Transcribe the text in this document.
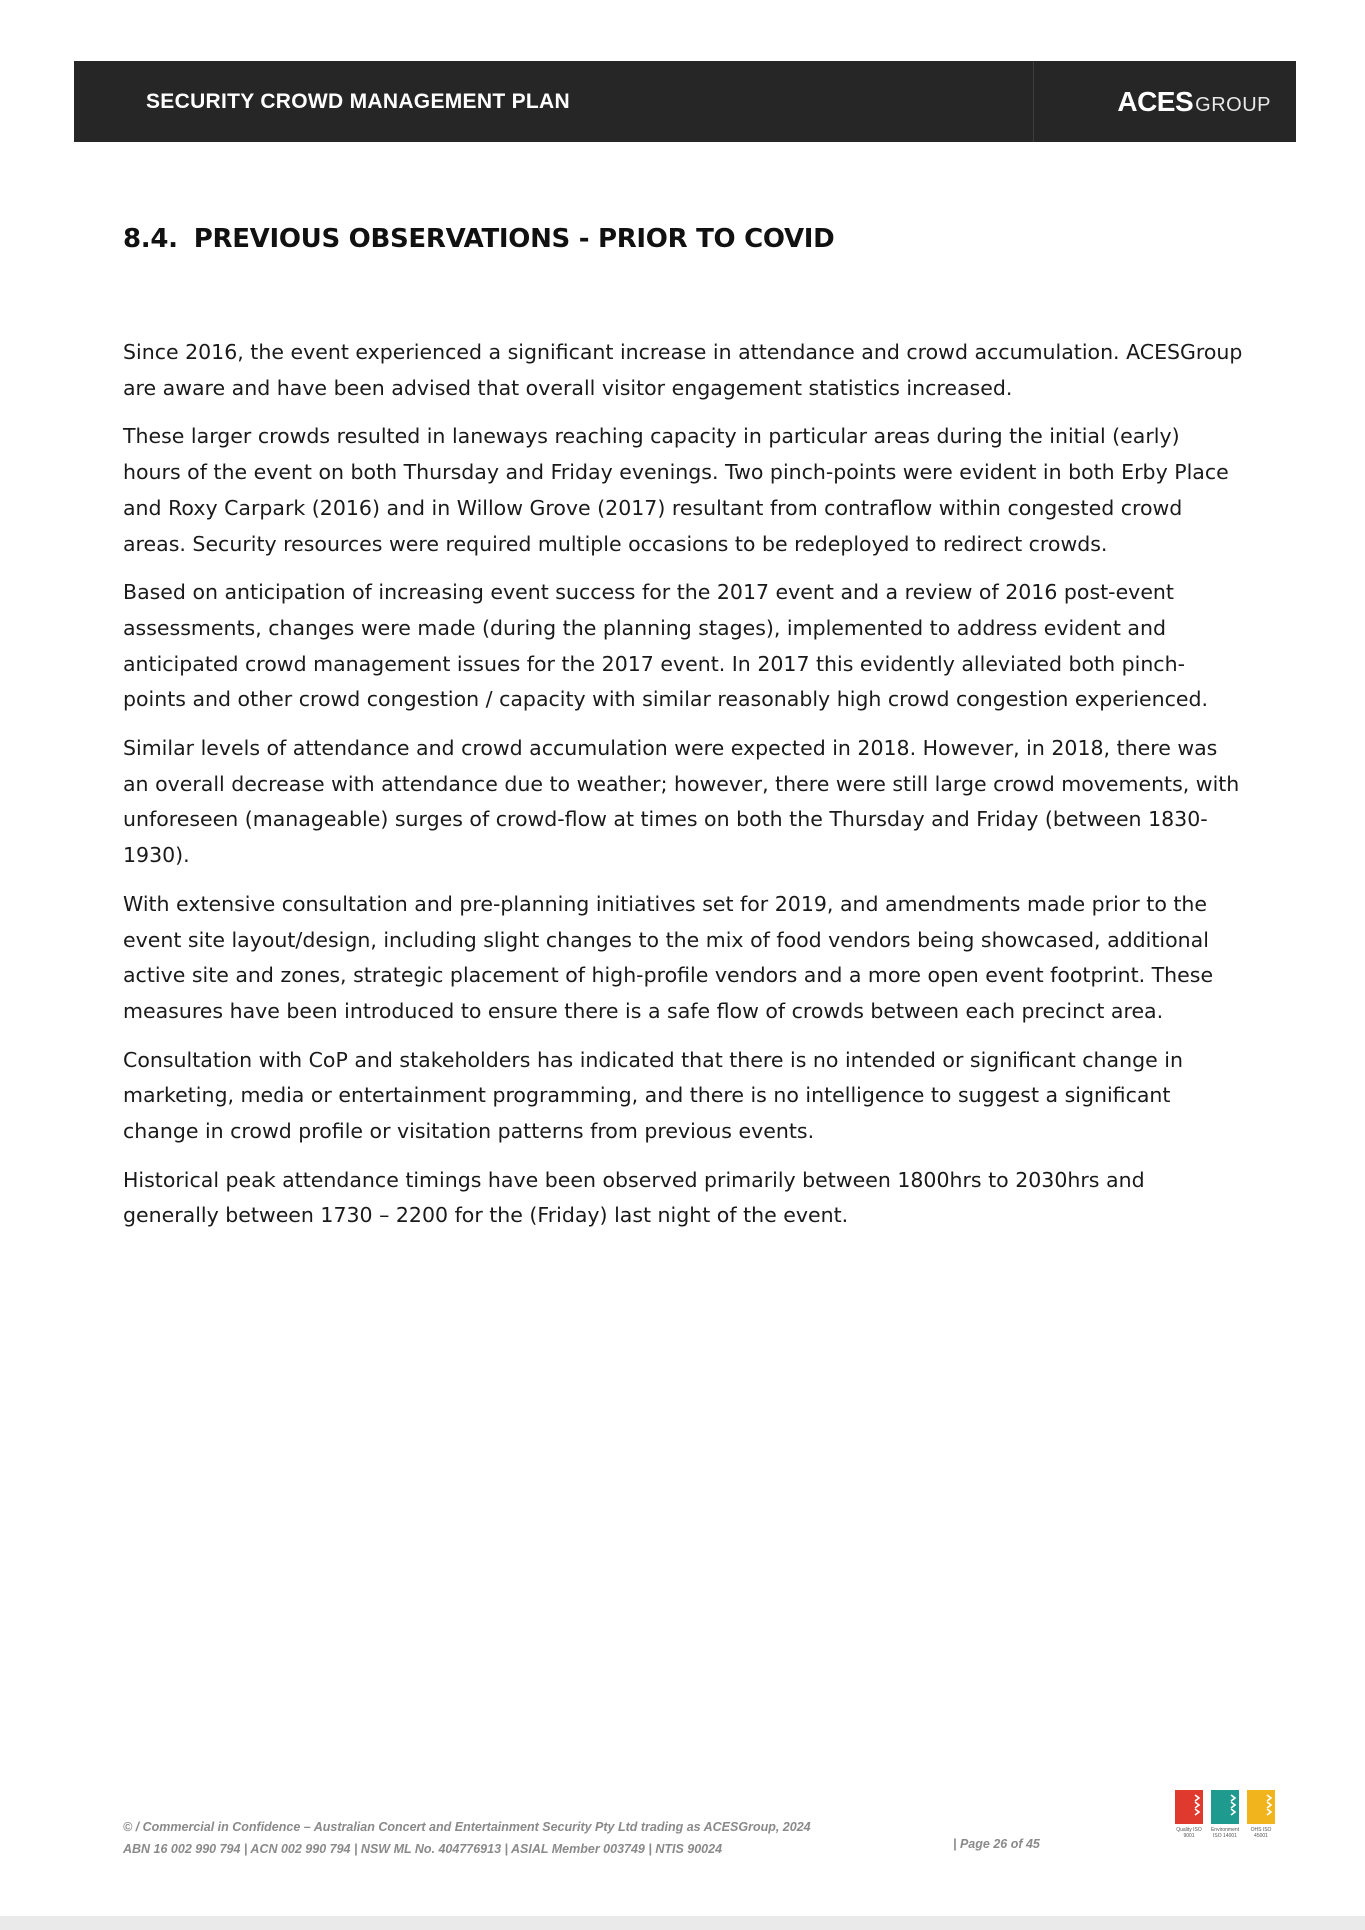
SECURITY CROWD MANAGEMENT PLAN	ACES GROUP
8.4. PREVIOUS OBSERVATIONS - PRIOR TO COVID

Since 2016, the event experienced a significant increase in attendance and crowd accumulation. ACESGroup are aware and have been advised that overall visitor engagement statistics increased.

These larger crowds resulted in laneways reaching capacity in particular areas during the initial (early) hours of the event on both Thursday and Friday evenings. Two pinch-points were evident in both Erby Place and Roxy Carpark (2016) and in Willow Grove (2017) resultant from contraflow within congested crowd areas. Security resources were required multiple occasions to be redeployed to redirect crowds.

Based on anticipation of increasing event success for the 2017 event and a review of 2016 post-event assessments, changes were made (during the planning stages), implemented to address evident and anticipated crowd management issues for the 2017 event. In 2017 this evidently alleviated both pinch-points and other crowd congestion / capacity with similar reasonably high crowd congestion experienced.

Similar levels of attendance and crowd accumulation were expected in 2018. However, in 2018, there was an overall decrease with attendance due to weather; however, there were still large crowd movements, with unforeseen (manageable) surges of crowd-flow at times on both the Thursday and Friday (between 1830-1930).

With extensive consultation and pre-planning initiatives set for 2019, and amendments made prior to the event site layout/design, including slight changes to the mix of food vendors being showcased, additional active site and zones, strategic placement of high-profile vendors and a more open event footprint. These measures have been introduced to ensure there is a safe flow of crowds between each precinct area.

Consultation with CoP and stakeholders has indicated that there is no intended or significant change in marketing, media or entertainment programming, and there is no intelligence to suggest a significant change in crowd profile or visitation patterns from previous events.

Historical peak attendance timings have been observed primarily between 1800hrs to 2030hrs and generally between 1730 – 2200 for the (Friday) last night of the event.

© / Commercial in Confidence – Australian Concert and Entertainment Security Pty Ltd trading as ACESGroup, 2024
ABN 16 002 990 794 | ACN 002 990 794 | NSW ML No. 404776913 | ASIAL Member 003749 | NTIS 90024	| Page 26 of 45
Quality ISO 9001
Environment ISO 14001
OHS ISO 45001
